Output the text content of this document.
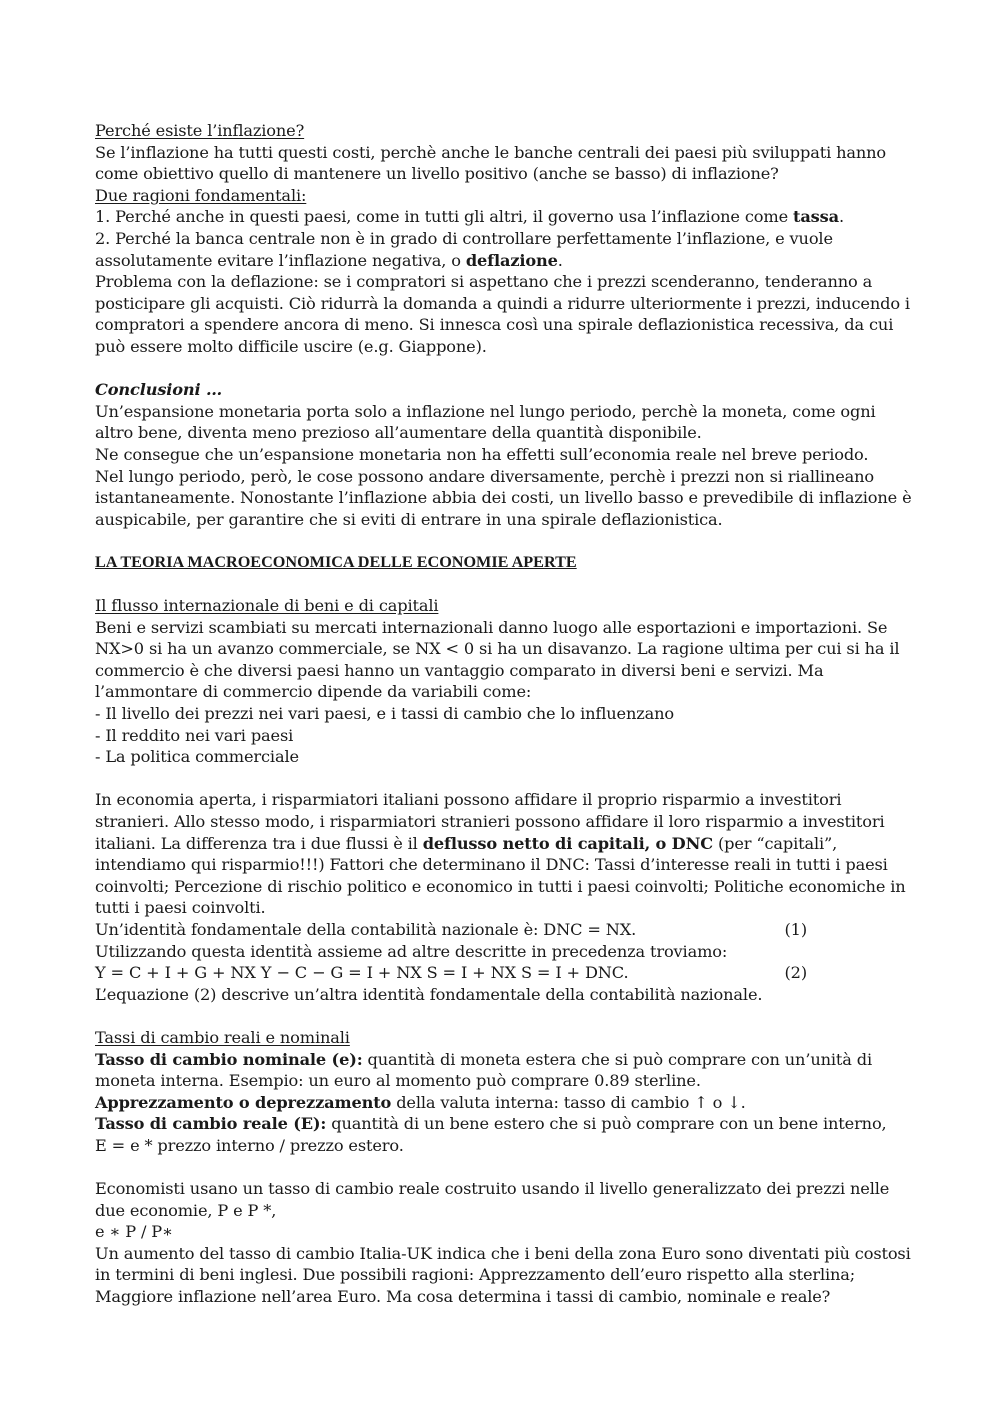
Perché esiste l’inflazione?

Se l’inflazione ha tutti questi costi, perchè anche le banche centrali dei paesi più sviluppati hanno come obiettivo quello di mantenere un livello positivo (anche se basso) di inflazione?

Due ragioni fondamentali:

1. Perché anche in questi paesi, come in tutti gli altri, il governo usa l’inflazione come tassa.

2. Perché la banca centrale non è in grado di controllare perfettamente l’inflazione, e vuole assolutamente evitare l’inflazione negativa, o deflazione.

Problema con la deflazione: se i compratori si aspettano che i prezzi scenderanno, tenderanno a posticipare gli acquisti. Ciò ridurrà la domanda a quindi a ridurre ulteriormente i prezzi, inducendo i compratori a spendere ancora di meno. Si innesca così una spirale deflazionistica recessiva, da cui può essere molto difficile uscire (e.g. Giappone).

Conclusioni …

Un’espansione monetaria porta solo a inflazione nel lungo periodo, perchè la moneta, come ogni altro bene, diventa meno prezioso all’aumentare della quantità disponibile.

Ne consegue che un’espansione monetaria non ha effetti sull’economia reale nel breve periodo.

Nel lungo periodo, però, le cose possono andare diversamente, perchè i prezzi non si riallineano istantaneamente. Nonostante l’inflazione abbia dei costi, un livello basso e prevedibile di inflazione è auspicabile, per garantire che si eviti di entrare in una spirale deflazionistica.

LA TEORIA MACROECONOMICA DELLE ECONOMIE APERTE

Il flusso internazionale di beni e di capitali

Beni e servizi scambiati su mercati internazionali danno luogo alle esportazioni e importazioni. Se NX>0 si ha un avanzo commerciale, se NX < 0 si ha un disavanzo. La ragione ultima per cui si ha il commercio è che diversi paesi hanno un vantaggio comparato in diversi beni e servizi. Ma l’ammontare di commercio dipende da variabili come:

- Il livello dei prezzi nei vari paesi, e i tassi di cambio che lo influenzano

- Il reddito nei vari paesi

- La politica commerciale

In economia aperta, i risparmiatori italiani possono affidare il proprio risparmio a investitori stranieri. Allo stesso modo, i risparmiatori stranieri possono affidare il loro risparmio a investitori italiani. La differenza tra i due flussi è il deflusso netto di capitali, o DNC (per “capitali”, intendiamo qui risparmio!!!) Fattori che determinano il DNC: Tassi d’interesse reali in tutti i paesi coinvolti; Percezione di rischio politico e economico in tutti i paesi coinvolti; Politiche economiche in tutti i paesi coinvolti.

Un’identità fondamentale della contabilità nazionale è: DNC = NX.	(1)

Utilizzando questa identità assieme ad altre descritte in precedenza troviamo:

Y = C + I + G + NX Y − C − G = I + NX S = I + NX S = I + DNC.	(2)

L’equazione (2) descrive un’altra identità fondamentale della contabilità nazionale.

Tassi di cambio reali e nominali

Tasso di cambio nominale (e): quantità di moneta estera che si può comprare con un’unità di moneta interna. Esempio: un euro al momento può comprare 0.89 sterline.

Apprezzamento o deprezzamento della valuta interna: tasso di cambio ↑ o ↓.

Tasso di cambio reale (E): quantità di un bene estero che si può comprare con un bene interno,

E = e * prezzo interno / prezzo estero.

Economisti usano un tasso di cambio reale costruito usando il livello generalizzato dei prezzi nelle due economie, P e P *,

e ∗ P / P∗

Un aumento del tasso di cambio Italia-UK indica che i beni della zona Euro sono diventati più costosi in termini di beni inglesi. Due possibili ragioni: Apprezzamento dell’euro rispetto alla sterlina; Maggiore inflazione nell’area Euro. Ma cosa determina i tassi di cambio, nominale e reale?
